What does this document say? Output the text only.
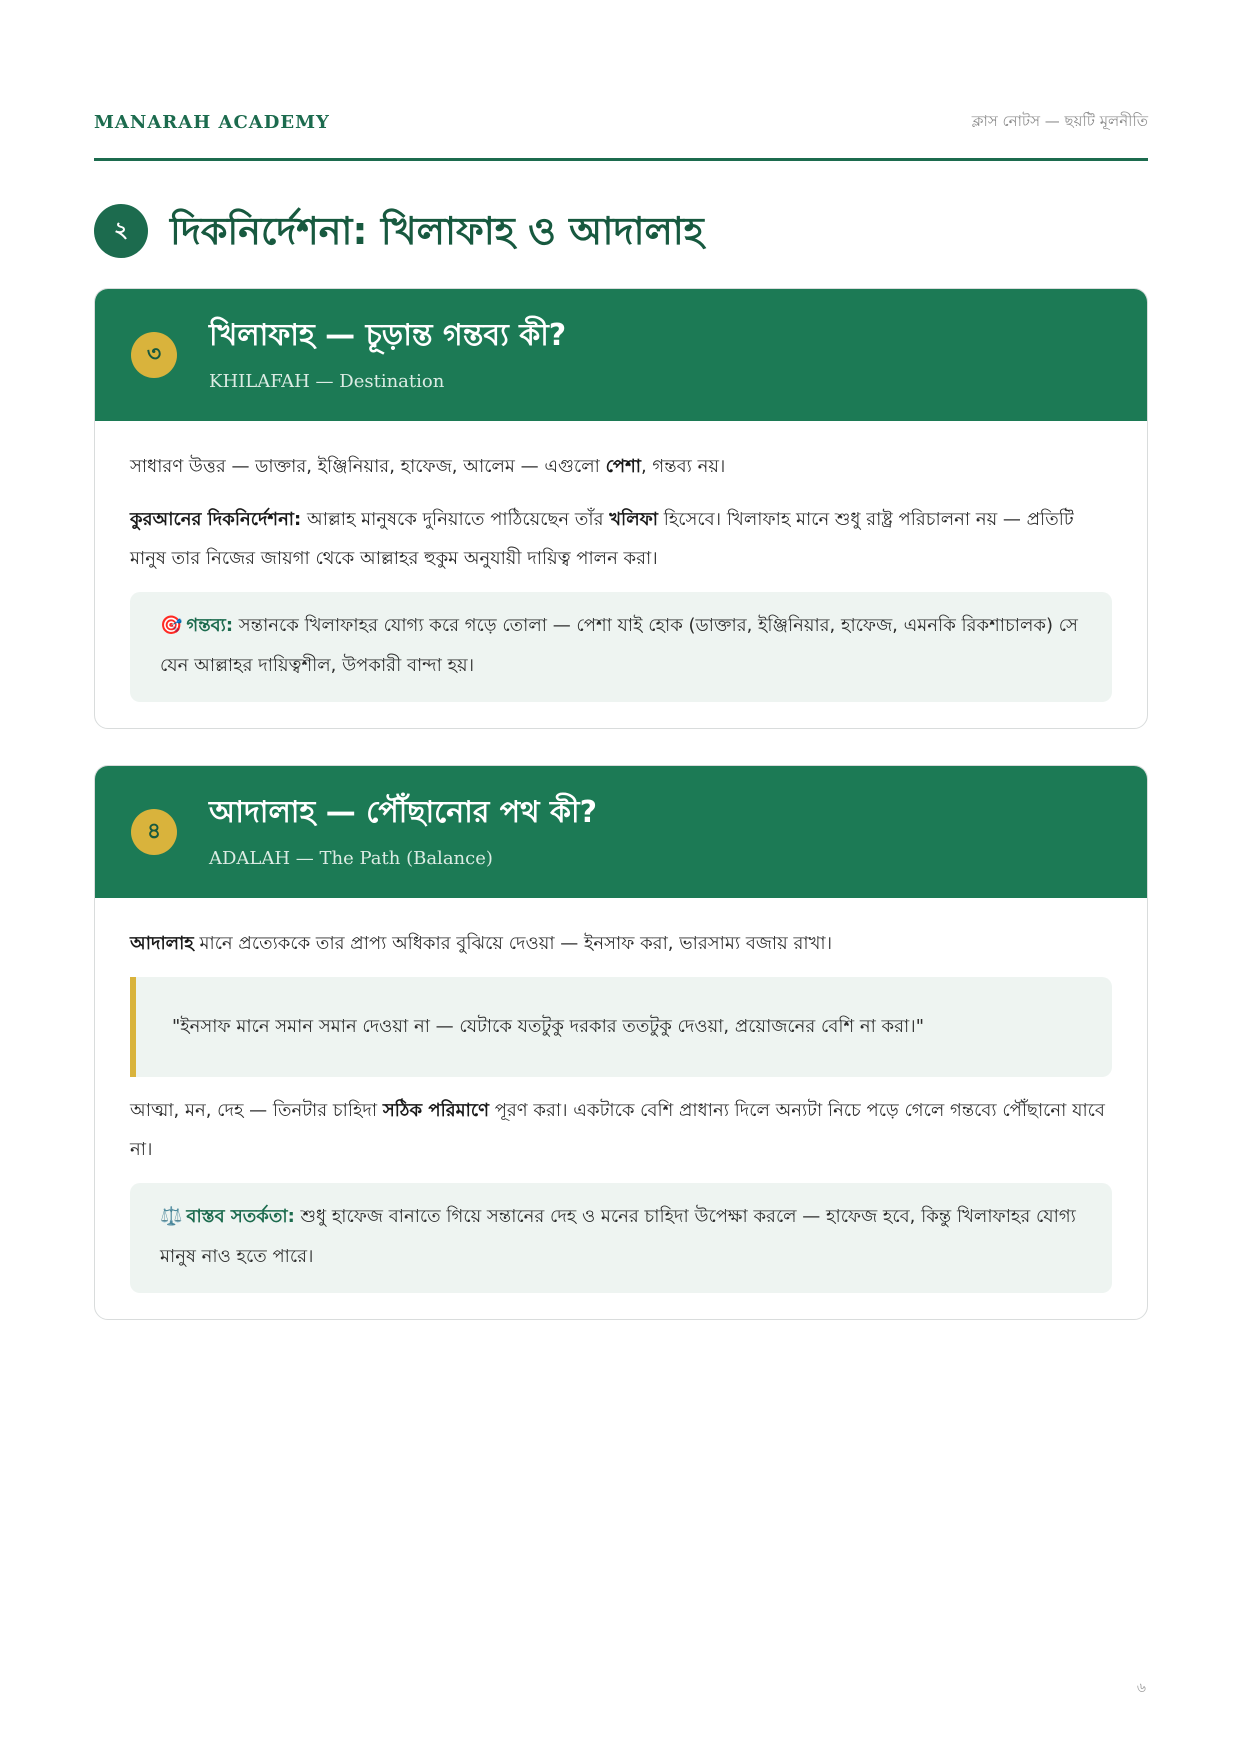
MANARAH ACADEMY	ক্লাস নোটস — ছয়টি মূলনীতি
২	দিকনির্দেশনা: খিলাফাহ ও আদালাহ
৩
খিলাফাহ — চূড়ান্ত গন্তব্য কী?
KHILAFAH — Destination

সাধারণ উত্তর — ডাক্তার, ইঞ্জিনিয়ার, হাফেজ, আলেম — এগুলো পেশা, গন্তব্য নয়।

কুরআনের দিকনির্দেশনা: আল্লাহ মানুষকে দুনিয়াতে পাঠিয়েছেন তাঁর খলিফা হিসেবে। খিলাফাহ মানে শুধু রাষ্ট্র পরিচালনা নয় — প্রতিটি মানুষ তার নিজের জায়গা থেকে আল্লাহর হুকুম অনুযায়ী দায়িত্ব পালন করা।

🎯 গন্তব্য: সন্তানকে খিলাফাহর যোগ্য করে গড়ে তোলা — পেশা যাই হোক (ডাক্তার, ইঞ্জিনিয়ার, হাফেজ, এমনকি রিকশাচালক) সে যেন আল্লাহর দায়িত্বশীল, উপকারী বান্দা হয়।
৪
আদালাহ — পৌঁছানোর পথ কী?
ADALAH — The Path (Balance)

আদালাহ মানে প্রত্যেককে তার প্রাপ্য অধিকার বুঝিয়ে দেওয়া — ইনসাফ করা, ভারসাম্য বজায় রাখা।

"ইনসাফ মানে সমান সমান দেওয়া না — যেটাকে যতটুকু দরকার ততটুকু দেওয়া, প্রয়োজনের বেশি না করা।"

আত্মা, মন, দেহ — তিনটার চাহিদা সঠিক পরিমাণে পূরণ করা। একটাকে বেশি প্রাধান্য দিলে অন্যটা নিচে পড়ে গেলে গন্তব্যে পৌঁছানো যাবে না।

⚖️ বাস্তব সতর্কতা: শুধু হাফেজ বানাতে গিয়ে সন্তানের দেহ ও মনের চাহিদা উপেক্ষা করলে — হাফেজ হবে, কিন্তু খিলাফাহর যোগ্য মানুষ নাও হতে পারে।
৬
